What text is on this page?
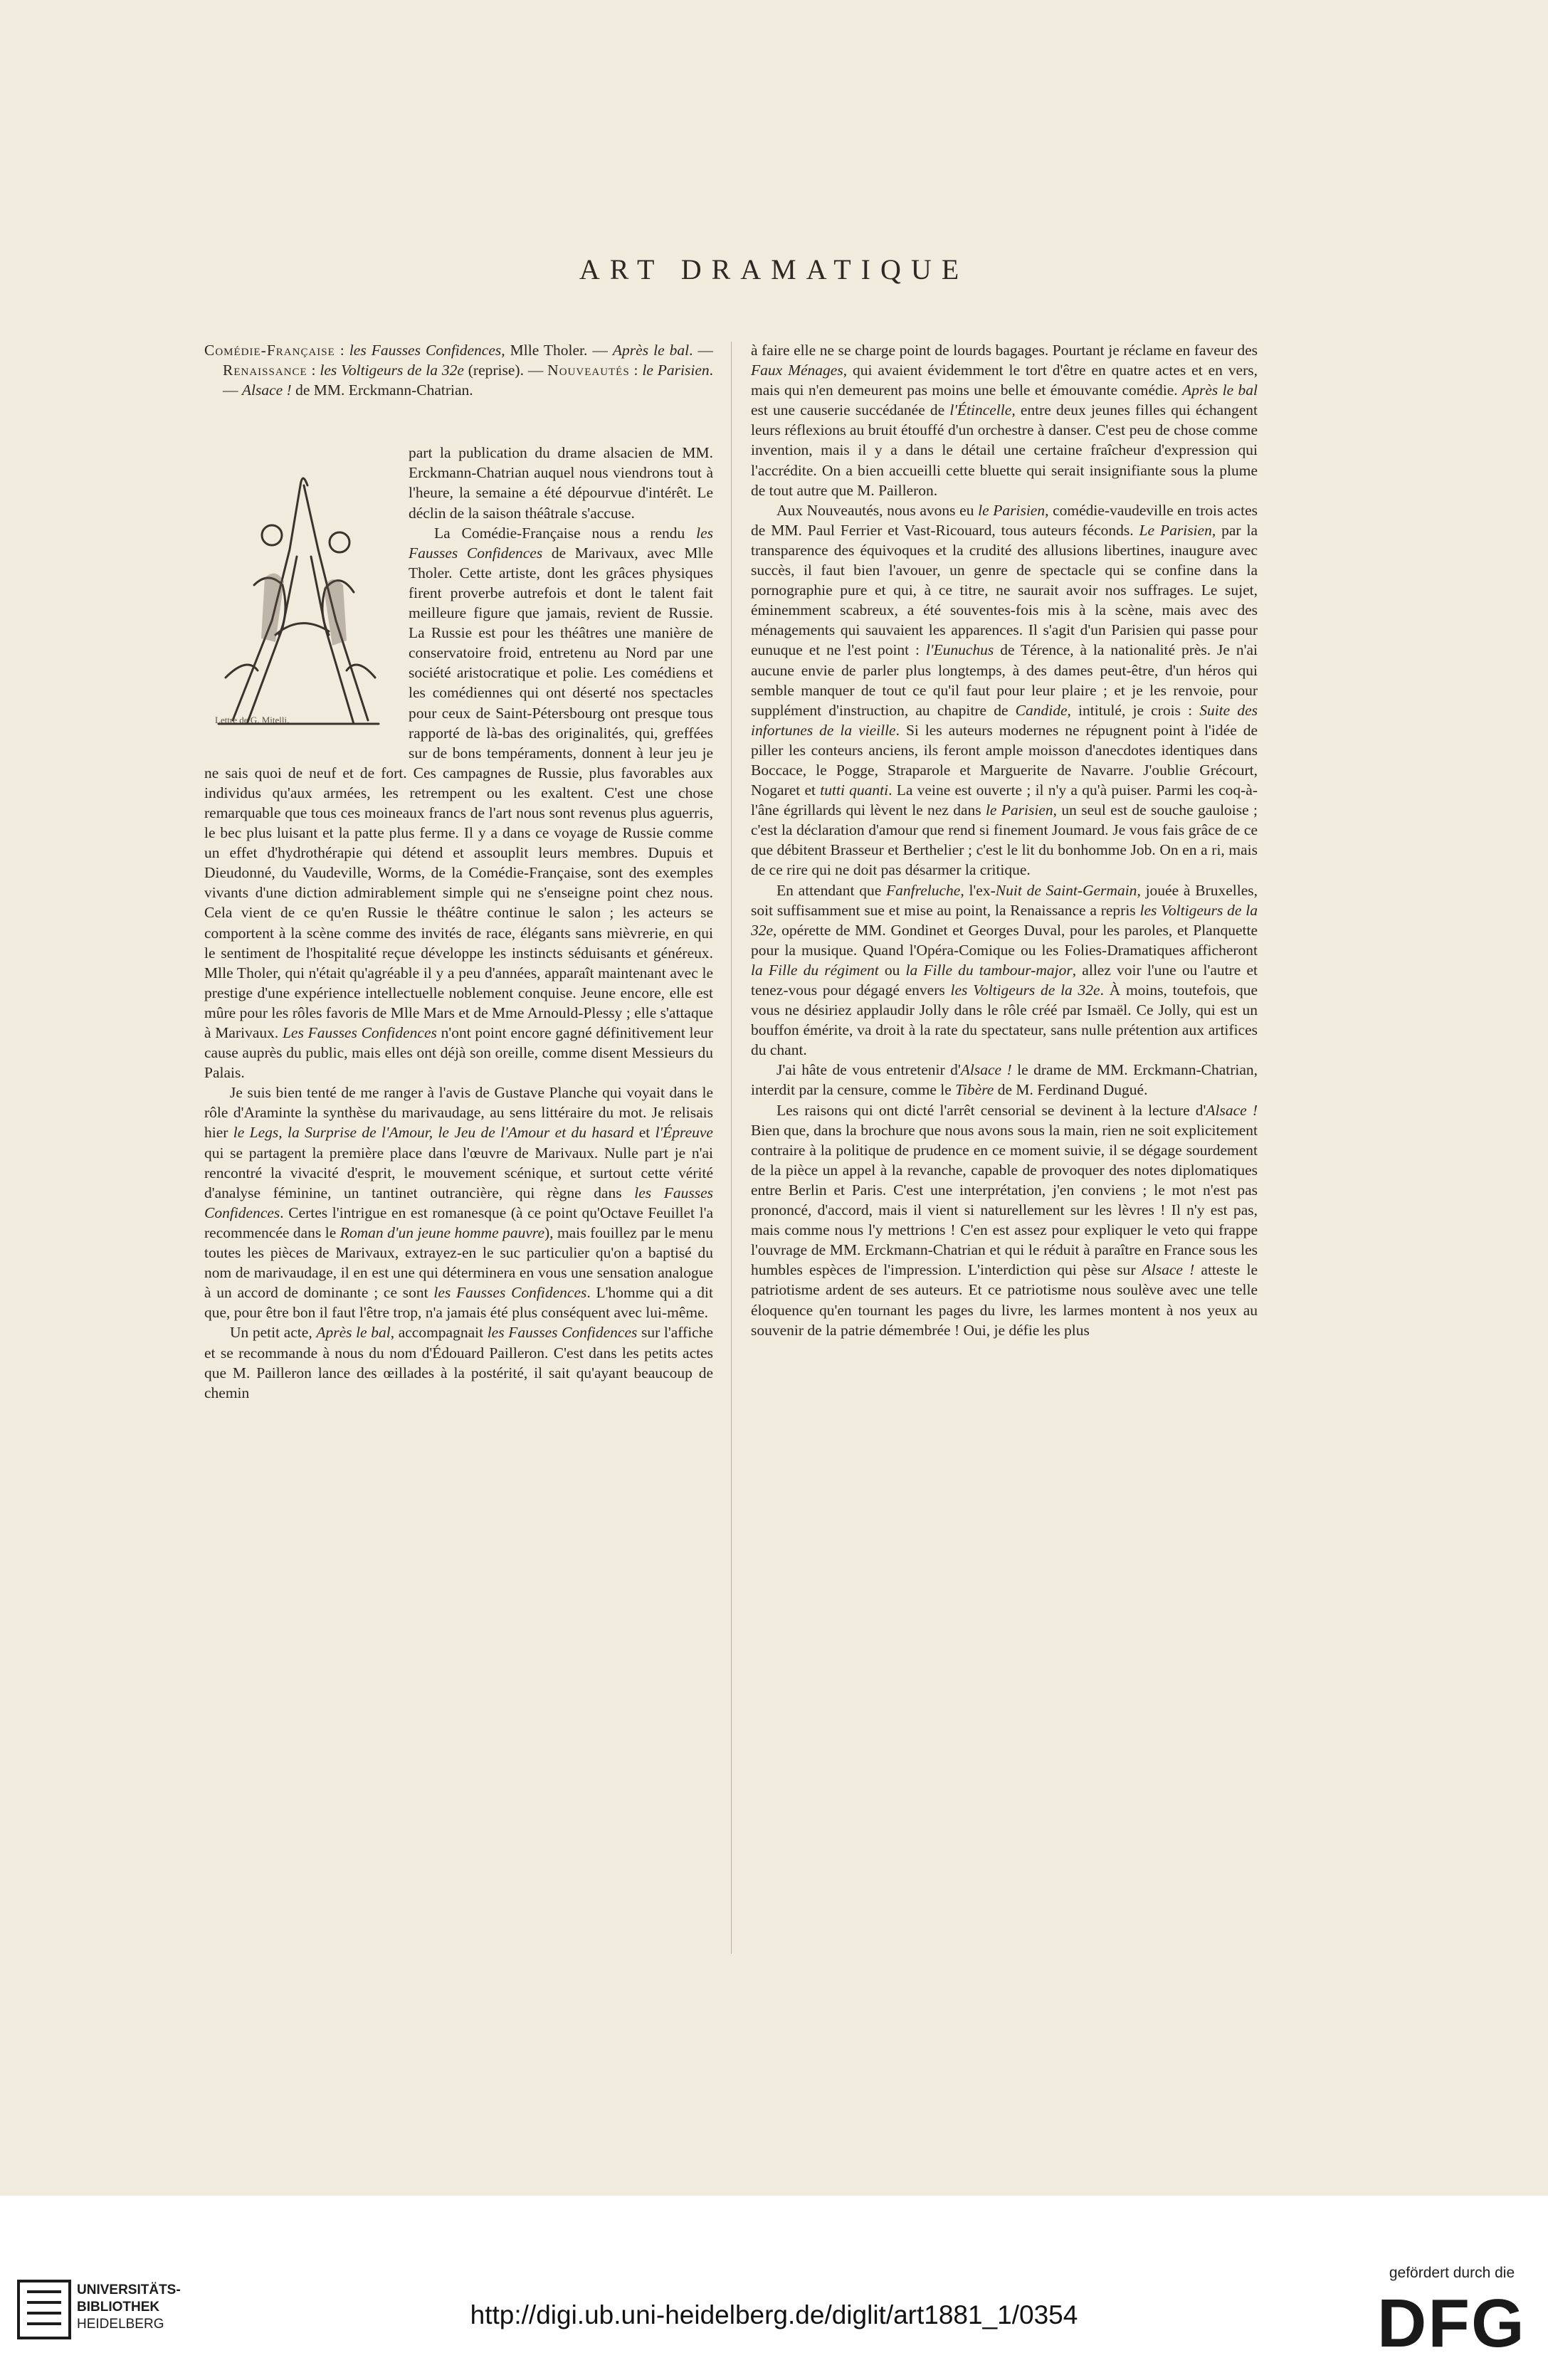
ART DRAMATIQUE

Comédie-Française : les Fausses Confidences, Mlle Tholer. — Après le bal. — Renaissance : les Voltigeurs de la 32e (reprise). — Nouveautés : le Parisien. — Alsace ! de MM. Erckmann-Chatrian.

Lettre de G. Mitelli.

part la publication du drame alsacien de MM. Erckmann-Chatrian auquel nous viendrons tout à l'heure, la semaine a été dépourvue d'intérêt. Le déclin de la saison théâtrale s'accuse.

La Comédie-Française nous a rendu les Fausses Confidences de Marivaux, avec Mlle Tholer. Cette artiste, dont les grâces physiques firent proverbe autrefois et dont le talent fait meilleure figure que jamais, revient de Russie. La Russie est pour les théâtres une manière de conservatoire froid, entretenu au Nord par une société aristocratique et polie. Les comédiens et les comédiennes qui ont déserté nos spectacles pour ceux de Saint-Pétersbourg ont presque tous rapporté de là-bas des originalités, qui, greffées sur de bons tempéraments, donnent à leur jeu je ne sais quoi de neuf et de fort. Ces campagnes de Russie, plus favorables aux individus qu'aux armées, les retrempent ou les exaltent. C'est une chose remarquable que tous ces moineaux francs de l'art nous sont revenus plus aguerris, le bec plus luisant et la patte plus ferme. Il y a dans ce voyage de Russie comme un effet d'hydrothérapie qui détend et assouplit leurs membres. Dupuis et Dieudonné, du Vaudeville, Worms, de la Comédie-Française, sont des exemples vivants d'une diction admirablement simple qui ne s'enseigne point chez nous. Cela vient de ce qu'en Russie le théâtre continue le salon ; les acteurs se comportent à la scène comme des invités de race, élégants sans mièvrerie, en qui le sentiment de l'hospitalité reçue développe les instincts séduisants et généreux. Mlle Tholer, qui n'était qu'agréable il y a peu d'années, apparaît maintenant avec le prestige d'une expérience intellectuelle noblement conquise. Jeune encore, elle est mûre pour les rôles favoris de Mlle Mars et de Mme Arnould-Plessy ; elle s'attaque à Marivaux. Les Fausses Confidences n'ont point encore gagné définitivement leur cause auprès du public, mais elles ont déjà son oreille, comme disent Messieurs du Palais.

Je suis bien tenté de me ranger à l'avis de Gustave Planche qui voyait dans le rôle d'Araminte la synthèse du marivaudage, au sens littéraire du mot. Je relisais hier le Legs, la Surprise de l'Amour, le Jeu de l'Amour et du hasard et l'Épreuve qui se partagent la première place dans l'œuvre de Marivaux. Nulle part je n'ai rencontré la vivacité d'esprit, le mouvement scénique, et surtout cette vérité d'analyse féminine, un tantinet outrancière, qui règne dans les Fausses Confidences. Certes l'intrigue en est romanesque (à ce point qu'Octave Feuillet l'a recommencée dans le Roman d'un jeune homme pauvre), mais fouillez par le menu toutes les pièces de Marivaux, extrayez-en le suc particulier qu'on a baptisé du nom de marivaudage, il en est une qui déterminera en vous une sensation analogue à un accord de dominante ; ce sont les Fausses Confidences. L'homme qui a dit que, pour être bon il faut l'être trop, n'a jamais été plus conséquent avec lui-même.

Un petit acte, Après le bal, accompagnait les Fausses Confidences sur l'affiche et se recommande à nous du nom d'Édouard Pailleron. C'est dans les petits actes que M. Pailleron lance des œillades à la postérité, il sait qu'ayant beaucoup de chemin

à faire elle ne se charge point de lourds bagages. Pourtant je réclame en faveur des Faux Ménages, qui avaient évidemment le tort d'être en quatre actes et en vers, mais qui n'en demeurent pas moins une belle et émouvante comédie. Après le bal est une causerie succédanée de l'Étincelle, entre deux jeunes filles qui échangent leurs réflexions au bruit étouffé d'un orchestre à danser. C'est peu de chose comme invention, mais il y a dans le détail une certaine fraîcheur d'expression qui l'accrédite. On a bien accueilli cette bluette qui serait insignifiante sous la plume de tout autre que M. Pailleron.

Aux Nouveautés, nous avons eu le Parisien, comédie-vaudeville en trois actes de MM. Paul Ferrier et Vast-Ricouard, tous auteurs féconds. Le Parisien, par la transparence des équivoques et la crudité des allusions libertines, inaugure avec succès, il faut bien l'avouer, un genre de spectacle qui se confine dans la pornographie pure et qui, à ce titre, ne saurait avoir nos suffrages. Le sujet, éminemment scabreux, a été souventes-fois mis à la scène, mais avec des ménagements qui sauvaient les apparences. Il s'agit d'un Parisien qui passe pour eunuque et ne l'est point : l'Eunuchus de Térence, à la nationalité près. Je n'ai aucune envie de parler plus longtemps, à des dames peut-être, d'un héros qui semble manquer de tout ce qu'il faut pour leur plaire ; et je les renvoie, pour supplément d'instruction, au chapitre de Candide, intitulé, je crois : Suite des infortunes de la vieille. Si les auteurs modernes ne répugnent point à l'idée de piller les conteurs anciens, ils feront ample moisson d'anecdotes identiques dans Boccace, le Pogge, Straparole et Marguerite de Navarre. J'oublie Grécourt, Nogaret et tutti quanti. La veine est ouverte ; il n'y a qu'à puiser. Parmi les coq-à-l'âne égrillards qui lèvent le nez dans le Parisien, un seul est de souche gauloise ; c'est la déclaration d'amour que rend si finement Joumard. Je vous fais grâce de ce que débitent Brasseur et Berthelier ; c'est le lit du bonhomme Job. On en a ri, mais de ce rire qui ne doit pas désarmer la critique.

En attendant que Fanfreluche, l'ex-Nuit de Saint-Germain, jouée à Bruxelles, soit suffisamment sue et mise au point, la Renaissance a repris les Voltigeurs de la 32e, opérette de MM. Gondinet et Georges Duval, pour les paroles, et Planquette pour la musique. Quand l'Opéra-Comique ou les Folies-Dramatiques afficheront la Fille du régiment ou la Fille du tambour-major, allez voir l'une ou l'autre et tenez-vous pour dégagé envers les Voltigeurs de la 32e. À moins, toutefois, que vous ne désiriez applaudir Jolly dans le rôle créé par Ismaël. Ce Jolly, qui est un bouffon émérite, va droit à la rate du spectateur, sans nulle prétention aux artifices du chant.

J'ai hâte de vous entretenir d'Alsace ! le drame de MM. Erckmann-Chatrian, interdit par la censure, comme le Tibère de M. Ferdinand Dugué.

Les raisons qui ont dicté l'arrêt censorial se devinent à la lecture d'Alsace ! Bien que, dans la brochure que nous avons sous la main, rien ne soit explicitement contraire à la politique de prudence en ce moment suivie, il se dégage sourdement de la pièce un appel à la revanche, capable de provoquer des notes diplomatiques entre Berlin et Paris. C'est une interprétation, j'en conviens ; le mot n'est pas prononcé, d'accord, mais il vient si naturellement sur les lèvres ! Il n'y est pas, mais comme nous l'y mettrions ! C'en est assez pour expliquer le veto qui frappe l'ouvrage de MM. Erckmann-Chatrian et qui le réduit à paraître en France sous les humbles espèces de l'impression. L'interdiction qui pèse sur Alsace ! atteste le patriotisme ardent de ses auteurs. Et ce patriotisme nous soulève avec une telle éloquence qu'en tournant les pages du livre, les larmes montent à nos yeux au souvenir de la patrie démembrée ! Oui, je défie les plus

UNIVERSITÄTS-
BIBLIOTHEK
HEIDELBERG	http://digi.ub.uni-heidelberg.de/diglit/art1881_1/0354
gefördert durch die
DFG
